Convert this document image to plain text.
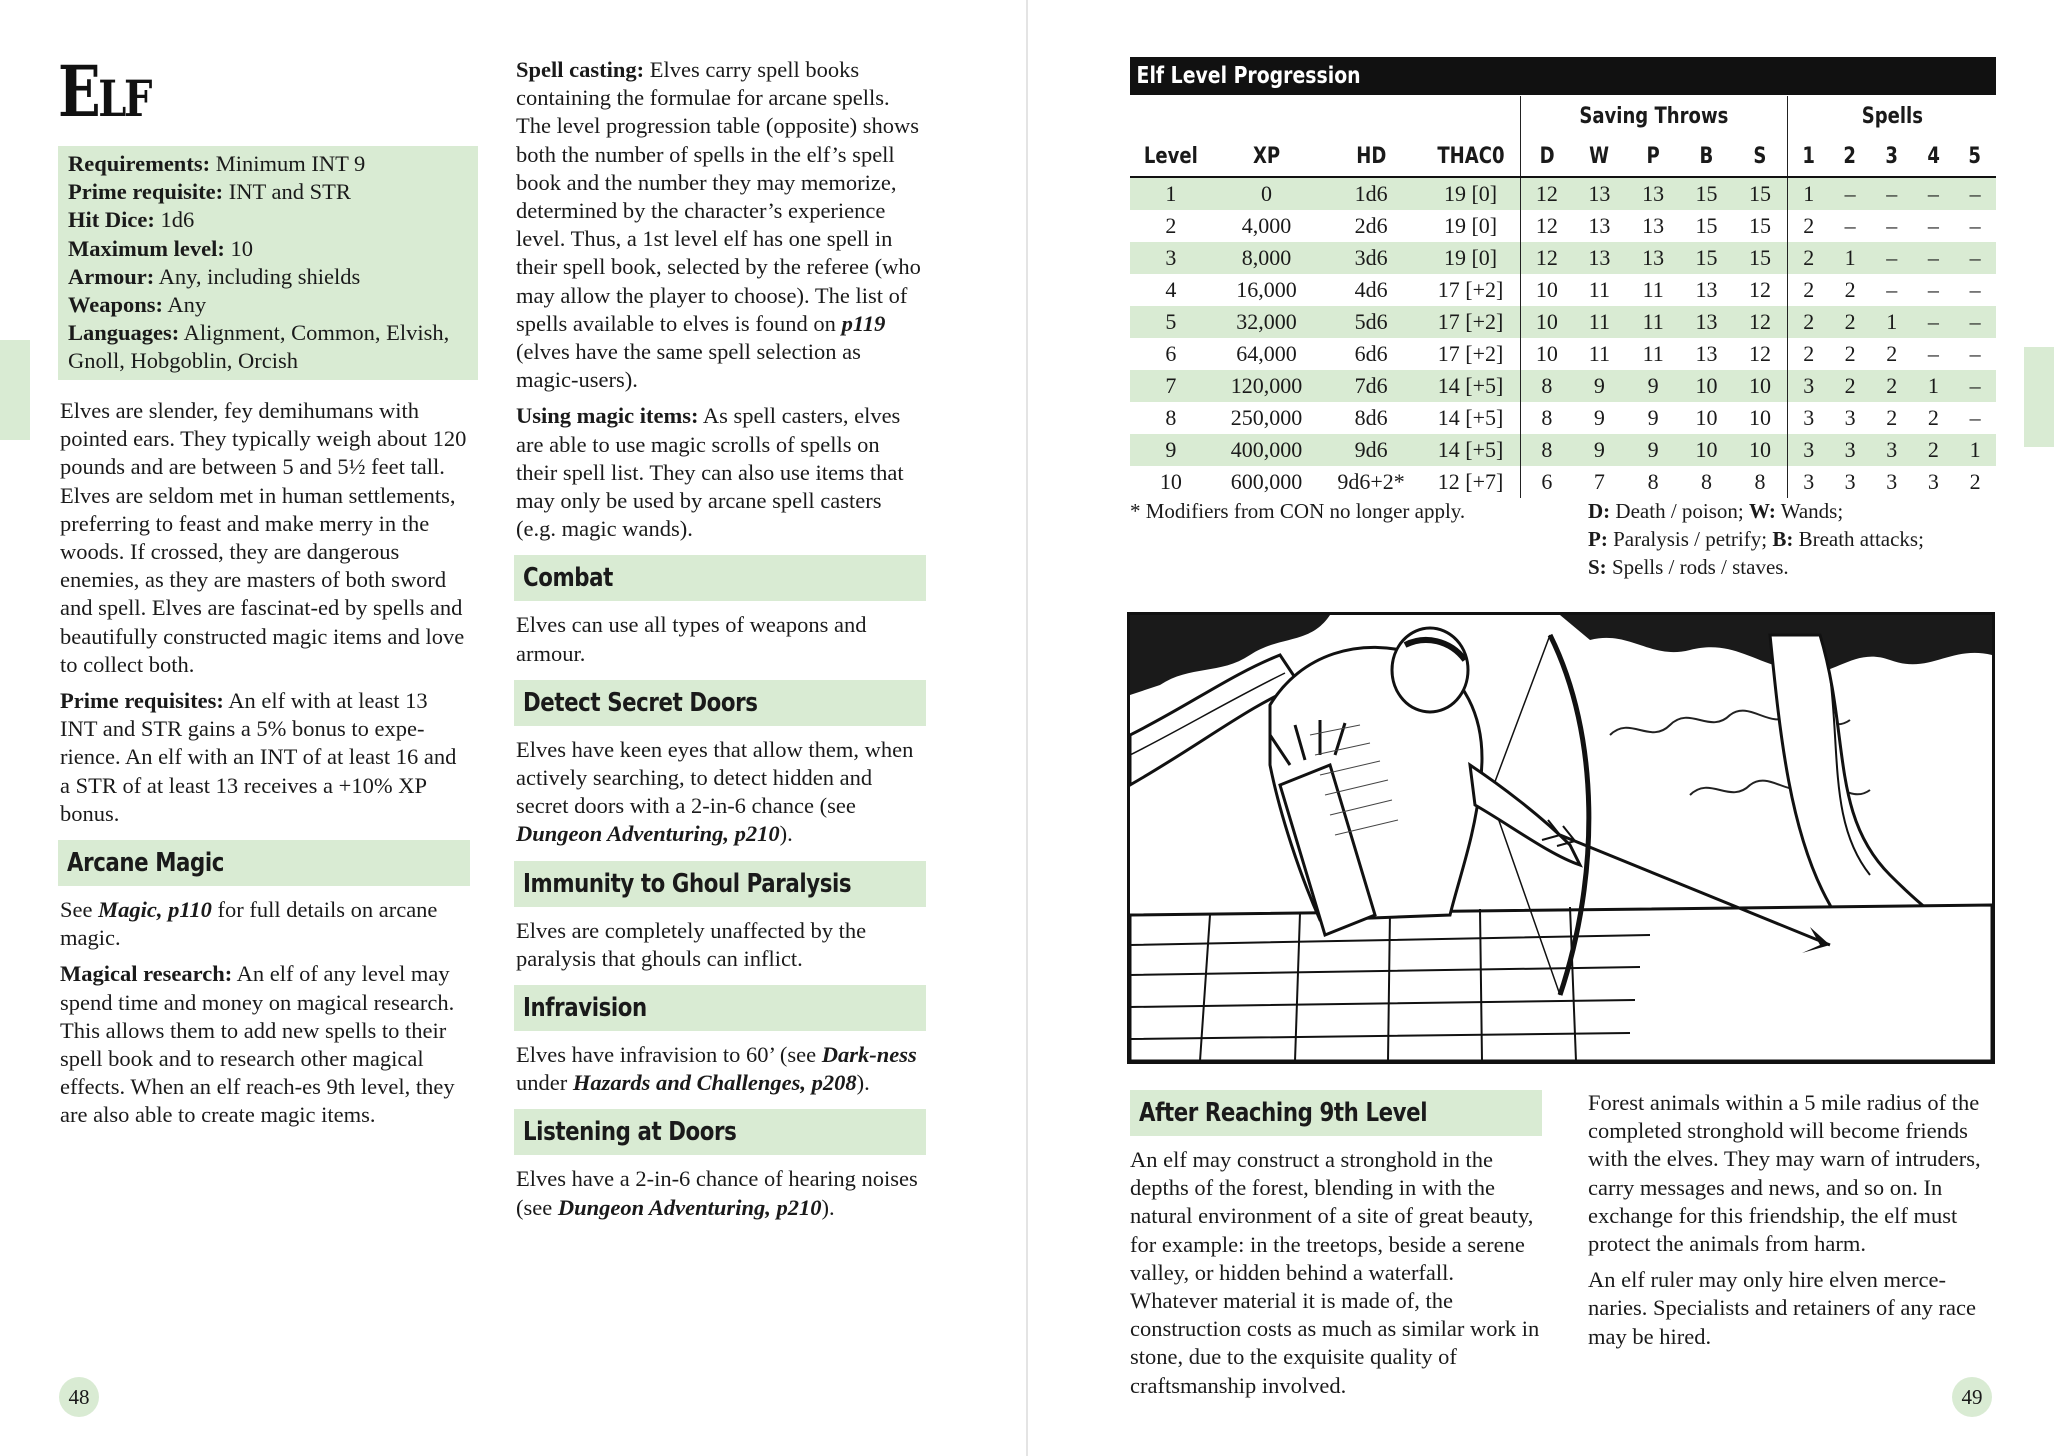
ELF
Requirements: Minimum INT 9
Prime requisite: INT and STR
Hit Dice: 1d6
Maximum level: 10
Armour: Any, including shields
Weapons: Any
Languages: Alignment, Common, Elvish, Gnoll, Hobgoblin, Orcish

Elves are slender, fey demihumans with pointed ears. They typically weigh about 120 pounds and are between 5 and 5½ feet tall. Elves are seldom met in human settlements, preferring to feast and make merry in the woods. If crossed, they are dangerous enemies, as they are masters of both sword and spell. Elves are fascinat-ed by spells and beautifully constructed magic items and love to collect both.

Prime requisites: An elf with at least 13 INT and STR gains a 5% bonus to expe-rience. An elf with an INT of at least 16 and a STR of at least 13 receives a +10% XP bonus.

Arcane Magic

See Magic, p110 for full details on arcane magic.

Magical research: An elf of any level may spend time and money on magical research. This allows them to add new spells to their spell book and to research other magical effects. When an elf reach-es 9th level, they are also able to create magic items.

Spell casting: Elves carry spell books containing the formulae for arcane spells. The level progression table (opposite) shows both the number of spells in the elf’s spell book and the number they may memorize, determined by the character’s experience level. Thus, a 1st level elf has one spell in their spell book, selected by the referee (who may allow the player to choose). The list of spells available to elves is found on p119 (elves have the same spell selection as magic-users).

Using magic items: As spell casters, elves are able to use magic scrolls of spells on their spell list. They can also use items that may only be used by arcane spell casters (e.g. magic wands).

Combat

Elves can use all types of weapons and armour.

Detect Secret Doors

Elves have keen eyes that allow them, when actively searching, to detect hidden and secret doors with a 2-in-6 chance (see Dungeon Adventuring, p210).

Immunity to Ghoul Paralysis

Elves are completely unaffected by the paralysis that ghouls can inflict.

Infravision

Elves have infravision to 60’ (see Dark-ness under Hazards and Challenges, p208).

Listening at Doors

Elves have a 2-in-6 chance of hearing noises (see Dungeon Adventuring, p210).

48
Elf Level Progression
				Saving Throws					Spells				
Level	XP	HD	THAC0	D	W	P	B	S	1	2	3	4	5
1	0	1d6	19 [0]	12	13	13	15	15	1	–	–	–	–
2	4,000	2d6	19 [0]	12	13	13	15	15	2	–	–	–	–
3	8,000	3d6	19 [0]	12	13	13	15	15	2	1	–	–	–
4	16,000	4d6	17 [+2]	10	11	11	13	12	2	2	–	–	–
5	32,000	5d6	17 [+2]	10	11	11	13	12	2	2	1	–	–
6	64,000	6d6	17 [+2]	10	11	11	13	12	2	2	2	–	–
7	120,000	7d6	14 [+5]	8	9	9	10	10	3	2	2	1	–
8	250,000	8d6	14 [+5]	8	9	9	10	10	3	3	2	2	–
9	400,000	9d6	14 [+5]	8	9	9	10	10	3	3	3	2	1
10	600,000	9d6+2*	12 [+7]	6	7	8	8	8	3	3	3	3	2
* Modifiers from CON no longer apply.	D: Death / poison; W: Wands;
P: Paralysis / petrify; B: Breath attacks;
S: Spells / rods / staves.
After Reaching 9th Level

An elf may construct a stronghold in the depths of the forest, blending in with the natural environment of a site of great beauty, for example: in the treetops, beside a serene valley, or hidden behind a waterfall. Whatever material it is made of, the construction costs as much as similar work in stone, due to the exquisite quality of craftsmanship involved.

Forest animals within a 5 mile radius of the completed stronghold will become friends with the elves. They may warn of intruders, carry messages and news, and so on. In exchange for this friendship, the elf must protect the animals from harm.

An elf ruler may only hire elven merce-naries. Specialists and retainers of any race may be hired.

49
